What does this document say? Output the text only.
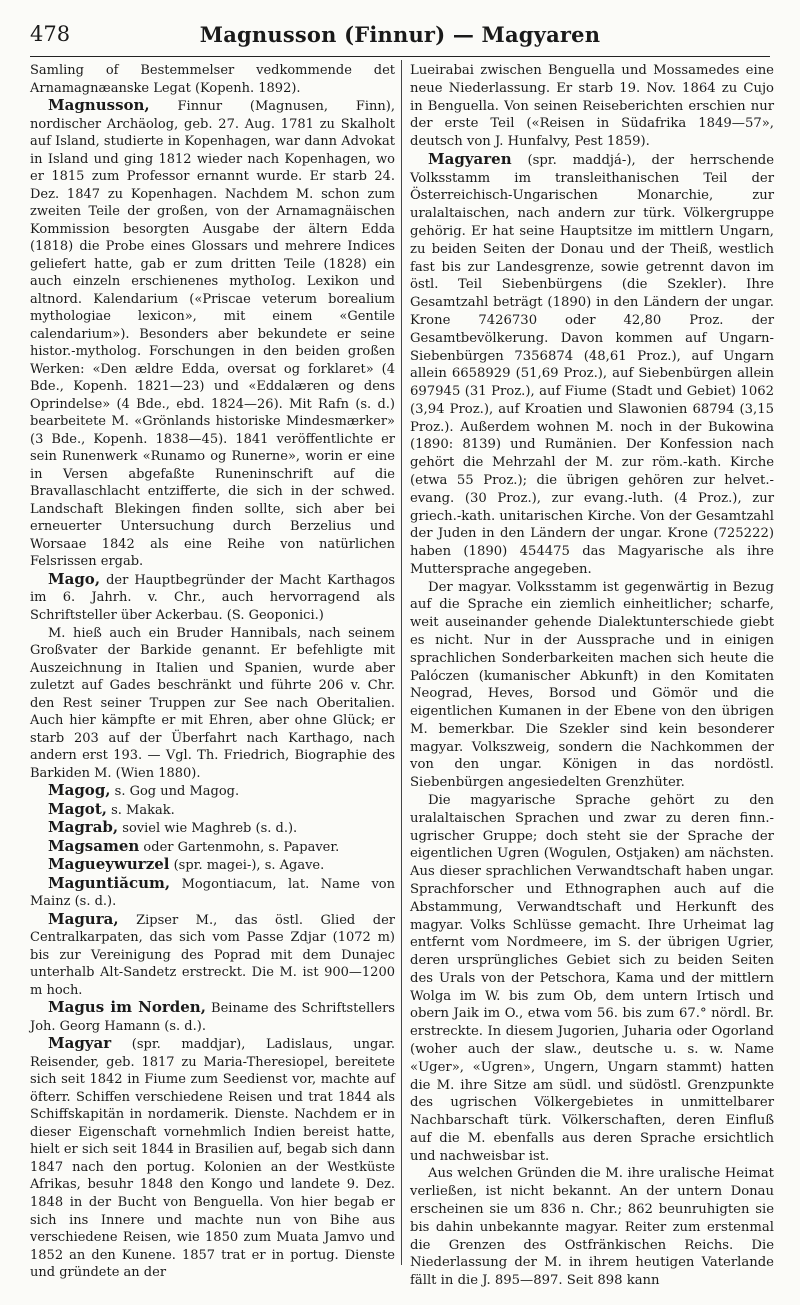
478	Magnusson (Finnur) — Magyaren

Samling of Bestemmelser vedkommende det Arnamagnæanske Legat (Kopenh. 1892).

Magnusson, Finnur (Magnusen, Finn), nordischer Archäolog, geb. 27. Aug. 1781 zu Skalholt auf Island, studierte in Kopenhagen, war dann Advokat in Island und ging 1812 wieder nach Kopenhagen, wo er 1815 zum Professor ernannt wurde. Er starb 24. Dez. 1847 zu Kopenhagen. Nachdem M. schon zum zweiten Teile der großen, von der Arnamagnäischen Kommission besorgten Ausgabe der ältern Edda (1818) die Probe eines Glossars und mehrere Indices geliefert hatte, gab er zum dritten Teile (1828) ein auch einzeln erschienenes mythoIog. Lexikon und altnord. Kalendarium («Priscae veterum borealium mythologiae lexicon», mit einem «Gentile calendarium»). Besonders aber bekundete er seine histor.-mytholog. Forschungen in den beiden großen Werken: «Den ældre Edda, oversat og forklaret» (4 Bde., Kopenh. 1821—23) und «Eddalæren og dens Oprindelse» (4 Bde., ebd. 1824—26). Mit Rafn (s. d.) bearbeitete M. «Grönlands historiske Mindesmærker» (3 Bde., Kopenh. 1838—45). 1841 veröffentlichte er sein Runenwerk «Runamo og Runerne», worin er eine in Versen abgefaßte Runeninschrift auf die Bravallaschlacht entzifferte, die sich in der schwed. Landschaft Blekingen finden sollte, sich aber bei erneuerter Untersuchung durch Berzelius und Worsaae 1842 als eine Reihe von natürlichen Felsrissen ergab.

Mago, der Hauptbegründer der Macht Karthagos im 6. Jahrh. v. Chr., auch hervorragend als Schriftsteller über Ackerbau. (S. Geoponici.)

M. hieß auch ein Bruder Hannibals, nach seinem Großvater der Barkide genannt. Er befehligte mit Auszeichnung in Italien und Spanien, wurde aber zuletzt auf Gades beschränkt und führte 206 v. Chr. den Rest seiner Truppen zur See nach Oberitalien. Auch hier kämpfte er mit Ehren, aber ohne Glück; er starb 203 auf der Überfahrt nach Karthago, nach andern erst 193. — Vgl. Th. Friedrich, Biographie des Barkiden M. (Wien 1880).

Magog, s. Gog und Magog.

Magot, s. Makak.

Magrab, soviel wie Maghreb (s. d.).

Magsamen oder Gartenmohn, s. Papaver.

Magueywurzel (spr. magei-), s. Agave.

Maguntiăcum, Mogontiacum, lat. Name von Mainz (s. d.).

Magura, Zipser M., das östl. Glied der Centralkarpaten, das sich vom Passe Zdjar (1072 m) bis zur Vereinigung des Poprad mit dem Dunajec unterhalb Alt-Sandetz erstreckt. Die M. ist 900—1200 m hoch.

Magus im Norden, Beiname des Schriftstellers Joh. Georg Hamann (s. d.).

Magyar (spr. maddjar), Ladislaus, ungar. Reisender, geb. 1817 zu Maria-Theresiopel, bereitete sich seit 1842 in Fiume zum Seedienst vor, machte auf öfterr. Schiffen verschiedene Reisen und trat 1844 als Schiffskapitän in nordamerik. Dienste. Nachdem er in dieser Eigenschaft vornehmlich Indien bereist hatte, hielt er sich seit 1844 in Brasilien auf, begab sich dann 1847 nach den portug. Kolonien an der Westküste Afrikas, besuhr 1848 den Kongo und landete 9. Dez. 1848 in der Bucht von Benguella. Von hier begab er sich ins Innere und machte nun von Bihe aus verschiedene Reisen, wie 1850 zum Muata Jamvo und 1852 an den Kunene. 1857 trat er in portug. Dienste und gründete an der

Lueirabai zwischen Benguella und Mossamedes eine neue Niederlassung. Er starb 19. Nov. 1864 zu Cujo in Benguella. Von seinen Reiseberichten erschien nur der erste Teil («Reisen in Südafrika 1849—57», deutsch von J. Hunfalvy, Pest 1859).

Magyaren (spr. maddjá-), der herrschende Volksstamm im transleithanischen Teil der Österreichisch-Ungarischen Monarchie, zur uralaltaischen, nach andern zur türk. Völkergruppe gehörig. Er hat seine Hauptsitze im mittlern Ungarn, zu beiden Seiten der Donau und der Theiß, westlich fast bis zur Landesgrenze, sowie getrennt davon im östl. Teil Siebenbürgens (die Szekler). Ihre Gesamtzahl beträgt (1890) in den Ländern der ungar. Krone 7426730 oder 42,80 Proz. der Gesamtbevölkerung. Davon kommen auf Ungarn-Siebenbürgen 7356874 (48,61 Proz.), auf Ungarn allein 6658929 (51,69 Proz.), auf Siebenbürgen allein 697945 (31 Proz.), auf Fiume (Stadt und Gebiet) 1062 (3,94 Proz.), auf Kroatien und Slawonien 68794 (3,15 Proz.). Außerdem wohnen M. noch in der Bukowina (1890: 8139) und Rumänien. Der Konfession nach gehört die Mehrzahl der M. zur röm.-kath. Kirche (etwa 55 Proz.); die übrigen gehören zur helvet.-evang. (30 Proz.), zur evang.-luth. (4 Proz.), zur griech.-kath. unitarischen Kirche. Von der Gesamtzahl der Juden in den Ländern der ungar. Krone (725222) haben (1890) 454475 das Magyarische als ihre Muttersprache angegeben.

Der magyar. Volksstamm ist gegenwärtig in Bezug auf die Sprache ein ziemlich einheitlicher; scharfe, weit auseinander gehende Dialektunterschiede giebt es nicht. Nur in der Aussprache und in einigen sprachlichen Sonderbarkeiten machen sich heute die Palóczen (kumanischer Abkunft) in den Komitaten Neograd, Heves, Borsod und Gömör und die eigentlichen Kumanen in der Ebene von den übrigen M. bemerkbar. Die Szekler sind kein besonderer magyar. Volkszweig, sondern die Nachkommen der von den ungar. Königen in das nordöstl. Siebenbürgen angesiedelten Grenzhüter.

Die magyarische Sprache gehört zu den uralaltaischen Sprachen und zwar zu deren finn.-ugrischer Gruppe; doch steht sie der Sprache der eigentlichen Ugren (Wogulen, Ostjaken) am nächsten. Aus dieser sprachlichen Verwandtschaft haben ungar. Sprachforscher und Ethnographen auch auf die Abstammung, Verwandtschaft und Herkunft des magyar. Volks Schlüsse gemacht. Ihre Urheimat lag entfernt vom Nordmeere, im S. der übrigen Ugrier, deren ursprüngliches Gebiet sich zu beiden Seiten des Urals von der Petschora, Kama und der mittlern Wolga im W. bis zum Ob, dem untern Irtisch und obern Jaik im O., etwa vom 56. bis zum 67.° nördl. Br. erstreckte. In diesem Jugorien, Juharia oder Ogorland (woher auch der slaw., deutsche u. s. w. Name «Uger», «Ugren», Ungern, Ungarn stammt) hatten die M. ihre Sitze am südl. und südöstl. Grenzpunkte des ugrischen Völkergebietes in unmittelbarer Nachbarschaft türk. Völkerschaften, deren Einfluß auf die M. ebenfalls aus deren Sprache ersichtlich und nachweisbar ist.

Aus welchen Gründen die M. ihre uralische Heimat verließen, ist nicht bekannt. An der untern Donau erscheinen sie um 836 n. Chr.; 862 beunruhigten sie bis dahin unbekannte magyar. Reiter zum erstenmal die Grenzen des Ostfränkischen Reichs. Die Niederlassung der M. in ihrem heutigen Vaterlande fällt in die J. 895—897. Seit 898 kann
